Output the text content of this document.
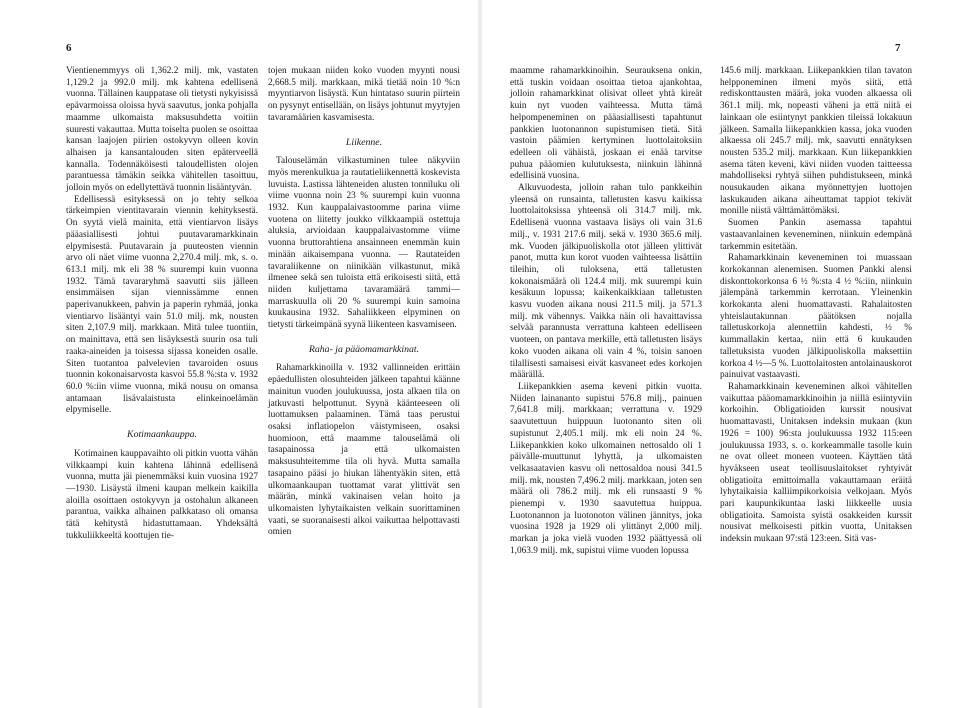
6	7

Vientienemmyys oli 1,362.2 milj. mk, vastaten 1,129.2 ja 992.0 milj. mk kahtena edellisenä vuonna. Tällainen kauppatase oli tietysti nykyisissä epävarmoissa oloissa hyvä saavutus, jonka pohjalla maamme ulkomaista maksusuhdetta voitiin suuresti vakauttaa. Mutta toiselta puolen se osoittaa kansan laajojen piirien ostokyvyn olleen kovin alhaisen ja kansantalouden siten epäterveellä kannalla. Todennäköisesti taloudellisten olojen parantuessa tämäkin seikka vähitellen tasoittuu, jolloin myös on edellytettävä tuonnin lisääntyvän.

Edellisessä esityksessä on jo tehty selkoa tärkeimpien vientitavarain viennin kehityksestä. On syytä vielä mainita, että vientiarvon lisäys pääasiallisesti johtui puutavaramarkkinain elpymisestä. Puutavarain ja puuteosten viennin arvo oli näet viime vuonna 2,270.4 milj. mk, s. o. 613.1 milj. mk eli 38 % suurempi kuin vuonna 1932. Tämä tavararyhmä saavutti siis jälleen ensimmäisen sijan viennissämme ennen paperivanukkeen, pahvin ja paperin ryhmää, jonka vientiarvo lisääntyi vain 51.0 milj. mk, nousten siten 2,107.9 milj. markkaan. Mitä tulee tuontiin, on mainittava, että sen lisäyksestä suurin osa tuli raaka-aineiden ja toisessa sijassa koneiden osalle. Siten tuotantoa palvelevien tavaroiden osuus tuonnin kokonaisarvosta kasvoi 55.8 %:sta v. 1932 60.0 %:iin viime vuonna, mikä nousu on omansa antamaan lisävalaistusta elinkeinoelämän elpymiselle.

Kotimaankauppa.

Kotimainen kauppavaihto oli pitkin vuotta vähän vilkkaampi kuin kahtena lähinnä edellisenä vuonna, mutta jäi pienemmäksi kuin vuosina 1927—1930. Lisäystä ilmeni kaupan melkein kaikilla aloilla osoittaen ostokyvyn ja ostohalun alkaneen parantua, vaikka alhainen palkkataso oli omansa tätä kehitystä hidastuttamaan. Yhdeksältä tukkuliikkeeltä koottujen tie-

tojen mukaan niiden koko vuoden myynti nousi 2,668.5 milj. markkaan, mikä tietää noin 10 %:n myyntiarvon lisäystä. Kun hintataso suurin piirtein on pysynyt entisellään, on lisäys johtunut myytyjen tavaramäärien kasvamisesta.

Liikenne.

Talouselämän vilkastuminen tulee näkyviin myös merenkulkua ja rautatieliikennettä koskevista luvuista. Lastissa lähteneiden alusten tonniluku oli viime vuonna noin 23 % suurempi kuin vuonna 1932. Kun kauppalaivastoomme parina viime vuotena on liitetty joukko vilkkaampiä ostettuja aluksia, arvioidaan kauppalaivastomme viime vuonna bruttorahtiena ansainneen enemmän kuin minään aikaisempana vuonna. — Rautateiden tavaraliikenne on niinikään vilkastunut, mikä ilmenee sekä sen tuloista että erikoisesti siitä, että niiden kuljettama tavaramäärä tammi—marraskuulla oli 20 % suurempi kuin samoina kuukausina 1932. Sahaliikkeen elpyminen on tietysti tärkeimpänä syynä liikenteen kasvamiseen.

Raha- ja pääomamarkkinat.

Rahamarkkinoilla v. 1932 vallinneiden erittäin epäedullisten olosuhteiden jälkeen tapahtui käänne mainitun vuoden joulukuussa, josta alkaen tila on jatkuvasti helpottunut. Syynä käänteeseen oli luottamuksen palaaminen. Tämä taas perustui osaksi inflatiopelon väistymiseen, osaksi huomioon, että maamme talouselämä oli tasapainossa ja että ulkomaisten maksusuhteitemme tila oli hyvä. Mutta samalla tasapaino pääsi jo hiukan lähentyäkin siten, että ulkomaankaupan tuottamat varat ylittivät sen määrän, minkä vakinaisen velan hoito ja ulkomaisten lyhytaikaisten velkain suorittaminen vaati, se suoranaisesti alkoi vaikuttaa helpottavasti omien

maamme rahamarkkinoihin. Seurauksena onkin, että tuskin voidaan osoittaa tietoa ajankohtaa, jolloin rahamarkkinat olisivat olleet yhtä kireät kuin nyt vuoden vaihteessa. Mutta tämä helpompeneminen on pääasiallisesti tapahtunut pankkien luotonannon supistumisen tietä. Sitä vastoin päämien kertyminen luottolaitoksiin edelleen oli vähäistä, joskaan ei enää tarvitse puhua pääomien kulutuksesta, niinkuin lähinnä edellisinä vuosina.

Alkuvuodesta, jolloin rahan tulo pankkeihin yleensä on runsainta, talletusten kasvu kaikissa luottolaitoksissa yhteensä oli 314.7 milj. mk. Edellisenä vuonna vastaava lisäys oli vain 31.6 milj., v. 1931 217.6 milj. sekä v. 1930 365.6 milj. mk. Vuoden jälkipuoliskolla otot jälleen ylittivät panot, mutta kun korot vuoden vaihteessa lisättiin tileihin, oli tuloksena, että talletusten kokonaismäärä oli 124.4 milj. mk suurempi kuin kesäkuun lopussa; kaikenkaikkiaan talletusten kasvu vuoden aikana nousi 211.5 milj. ja 571.3 milj. mk vähennys. Vaikka näin oli havaittavissa selvää parannusta verrattuna kahteen edelliseen vuoteen, on pantava merkille, että talletusten lisäys koko vuoden aikana oli vain 4 %, toisin sanoen tilallisesti samaisesi eivät kasvaneet edes korkojen määrällä.

Liikepankkien asema keveni pitkin vuotta. Niiden lainananto supistui 576.8 milj., painuen 7,641.8 milj. markkaan; verrattuna v. 1929 saavutettuun huippuun luotonanto siten oli supistunut 2,405.1 milj. mk eli noin 24 %. Liikepankkien koko ulkomainen nettosaldo oli 1 päivälle-muuttunut lyhyttä, ja ulkomaisten velkasaatavien kasvu oli nettosaldoa nousi 341.5 milj. mk, nousten 7,496.2 milj. markkaan, joten sen määrä oli 786.2 milj. mk eli runsaasti 9 % pienempi v. 1930 saavutettua huippua. Luotonannon ja luotonoton välinen jännitys, joka vuosina 1928 ja 1929 oli ylittänyt 2,000 milj. markan ja joka vielä vuoden 1932 päättyessä oli 1,063.9 milj. mk, supistui viime vuoden lopussa

145.6 milj. markkaan. Liikepankkien tilan tavaton helpponeminen ilmeni myös siitä, että rediskonttausten määrä, joka vuoden alkaessa oli 361.1 milj. mk, nopeasti väheni ja että niitä ei lainkaan ole esiintynyt pankkien tileissä lokakuun jälkeen. Samalla liikepankkien kassa, joka vuoden alkaessa oli 245.7 milj. mk, saavutti ennätyksen nousten 535.2 milj. markkaan. Kun liikepankkien asema täten keveni, kävi niiden vuoden taitteessa mahdolliseksi ryhtyä siihen puhdistukseen, minkä nousukauden aikana myönnettyjen luottojen laskukauden aikana aiheuttamat tappiot tekivät monille niistä välttämättömäksi.

Suomen Pankin asemassa tapahtui vastaavanlainen keveneminen, niinkuin edempänä tarkemmin esitetään.

Rahamarkkinain keveneminen toi muassaan korkokannan alenemisen. Suomen Pankki alensi diskonttokorkonsa 6 ½ %:sta 4 ½ %:iin, niinkuin jälempänä tarkemmin kerrotaan. Yleinenkin korkokanta aleni huomattavasti. Rahalaitosten yhteislautakunnan päätöksen nojalla talletuskorkoja alennettiin kahdesti, ½ % kummallakin kertaa, niin että 6 kuukauden talletuksista vuoden jälkipuoliskolla maksettiin korkoa 4 ½—5 %. Luottolaitosten antolainauskorot painuivat vastaavasti.

Rahamarkkinain keveneminen alkoi vähitellen vaikuttaa pääomamarkkinoihin ja niillä esiintyviin korkoihin. Obligatioiden kurssit nousivat huomattavasti, Unitaksen indeksin mukaan (kun 1926 = 100) 96:sta joulukuussa 1932 115:een joulukuussa 1933, s. o. korkeammalle tasolle kuin ne ovat olleet moneen vuoteen. Käyttäen tätä hyväkseen useat teollisuuslaitokset ryhtyivät obligatioita emittoimalla vakauttamaan eräitä lyhytaikaisia kalliimpikorkoisia velkojaan. Myös pari kaupunkikuntaa laski liikkeelle uusia obligatioita. Samoista syistä osakkeiden kurssit nousivat melkoisesti pitkin vuotta, Unitaksen indeksin mukaan 97:stä 123:een. Sitä vas-
